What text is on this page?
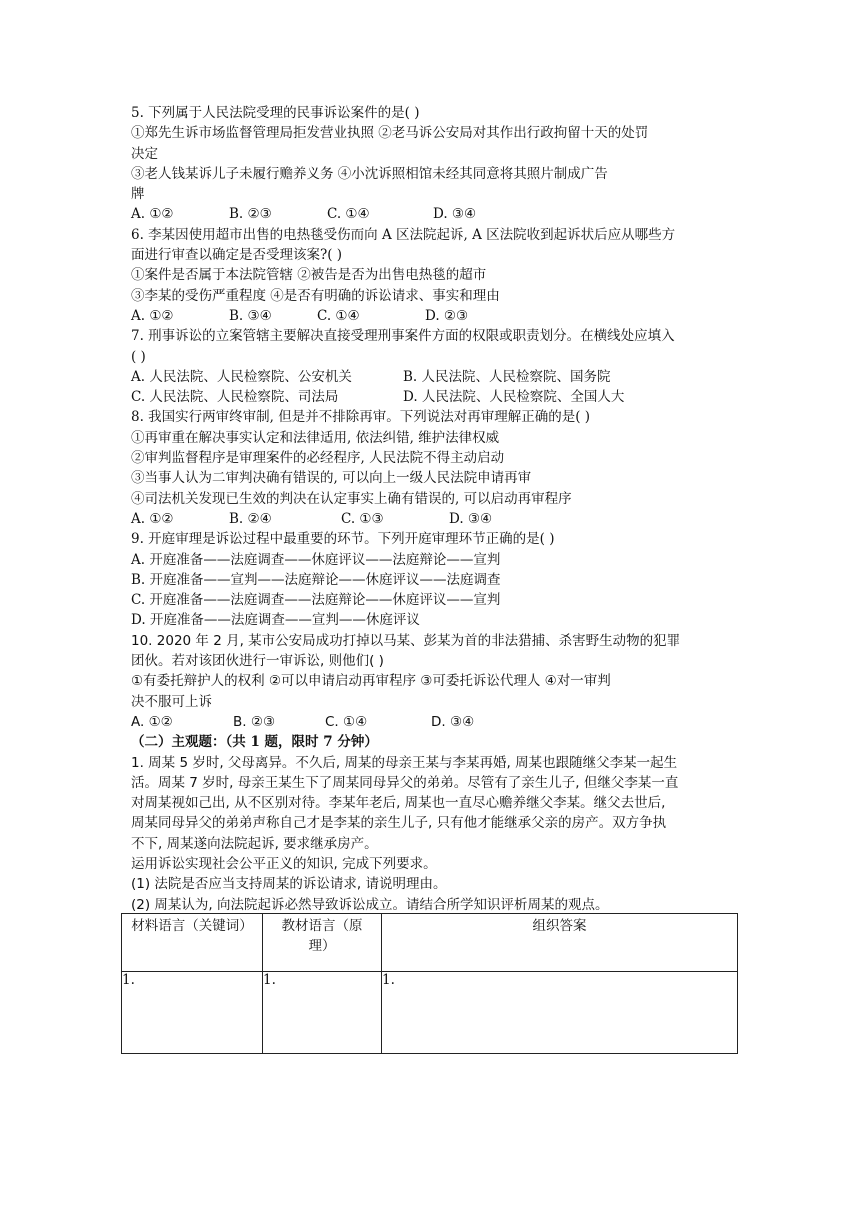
5. 下列属于人民法院受理的民事诉讼案件的是( )
①郑先生诉市场监督管理局拒发营业执照 ②老马诉公安局对其作出行政拘留十天的处罚
决定
③老人钱某诉儿子未履行赡养义务 ④小沈诉照相馆未经其同意将其照片制成广告
牌
A. ①②	B. ②③	C. ①④	D. ③④
6. 李某因使用超市出售的电热毯受伤而向 A 区法院起诉, A 区法院收到起诉状后应从哪些方
面进行审查以确定是否受理该案?( )
①案件是否属于本法院管辖 ②被告是否为出售电热毯的超市
③李某的受伤严重程度 ④是否有明确的诉讼请求、事实和理由
A. ①②	B. ③④	C. ①④	D. ②③
7. 刑事诉讼的立案管辖主要解决直接受理刑事案件方面的权限或职责划分。在横线处应填入
( )
A. 人民法院、人民检察院、公安机关	B. 人民法院、人民检察院、国务院
C. 人民法院、人民检察院、司法局	D. 人民法院、人民检察院、全国人大
8. 我国实行两审终审制, 但是并不排除再审。下列说法对再审理解正确的是( )
①再审重在解决事实认定和法律适用, 依法纠错, 维护法律权威
②审判监督程序是审理案件的必经程序, 人民法院不得主动启动
③当事人认为二审判决确有错误的, 可以向上一级人民法院申请再审
④司法机关发现已生效的判决在认定事实上确有错误的, 可以启动再审程序
A. ①②	B. ②④	C. ①③	D. ③④
9. 开庭审理是诉讼过程中最重要的环节。下列开庭审理环节正确的是( )
A. 开庭准备——法庭调查——休庭评议——法庭辩论——宣判
B. 开庭准备——宣判——法庭辩论——休庭评议——法庭调查
C. 开庭准备——法庭调查——法庭辩论——休庭评议——宣判
D. 开庭准备——法庭调查——宣判——休庭评议
10. 2020 年 2 月, 某市公安局成功打掉以马某、彭某为首的非法猎捕、杀害野生动物的犯罪
团伙。若对该团伙进行一审诉讼, 则他们( )
①有委托辩护人的权利 ②可以申请启动再审程序 ③可委托诉讼代理人 ④对一审判
决不服可上诉
A. ①②	B. ②③	C. ①④	D. ③④
（二）主观题：（共 1 题，限时 7 分钟）
1. 周某 5 岁时, 父母离异。不久后, 周某的母亲王某与李某再婚, 周某也跟随继父李某一起生
活。周某 7 岁时, 母亲王某生下了周某同母异父的弟弟。尽管有了亲生儿子, 但继父李某一直
对周某视如己出, 从不区别对待。李某年老后, 周某也一直尽心赡养继父李某。继父去世后,
周某同母异父的弟弟声称自己才是李某的亲生儿子, 只有他才能继承父亲的房产。双方争执
不下, 周某遂向法院起诉, 要求继承房产。
运用诉讼实现社会公平正义的知识, 完成下列要求。
(1) 法院是否应当支持周某的诉讼请求, 请说明理由。
(2) 周某认为, 向法院起诉必然导致诉讼成立。请结合所学知识评析周某的观点。
材料语言（关键词）	教材语言（原
理）	组织答案
1.	1.	1.
